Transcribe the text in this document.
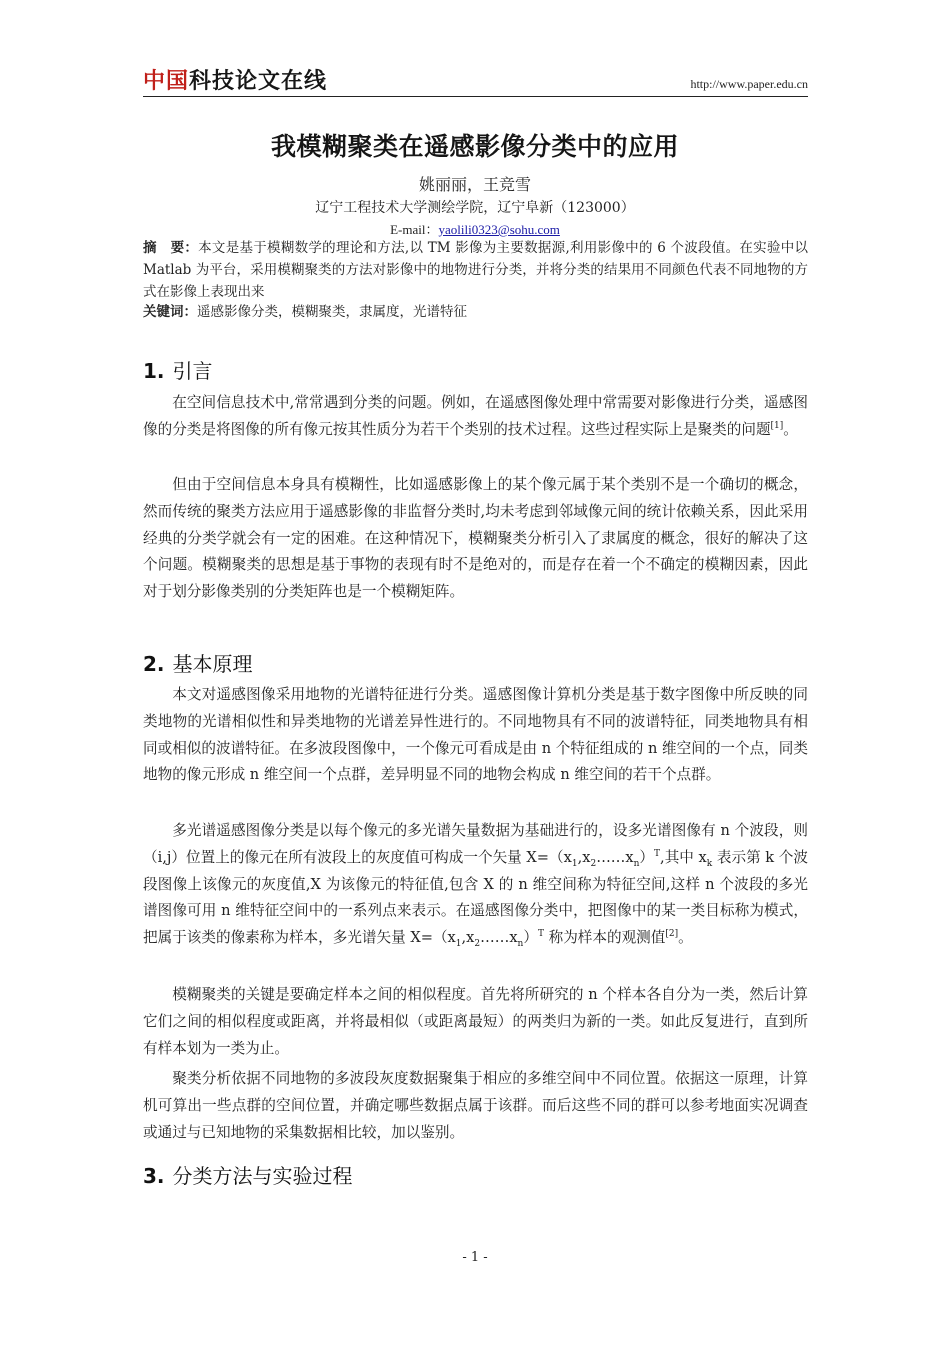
中国科技论文在线	http://www.paper.edu.cn
我模糊聚类在遥感影像分类中的应用
姚丽丽，王竞雪
辽宁工程技术大学测绘学院，辽宁阜新（123000）
E-mail：yaolili0323@sohu.com
摘　要：本文是基于模糊数学的理论和方法,以 TM 影像为主要数据源,利用影像中的 6 个波段值。在实验中以 Matlab 为平台，采用模糊聚类的方法对影像中的地物进行分类，并将分类的结果用不同颜色代表不同地物的方式在影像上表现出来
关键词：遥感影像分类，模糊聚类，隶属度，光谱特征
1. 引言
在空间信息技术中,常常遇到分类的问题。例如，在遥感图像处理中常需要对影像进行分类，遥感图像的分类是将图像的所有像元按其性质分为若干个类别的技术过程。这些过程实际上是聚类的问题[1]。
但由于空间信息本身具有模糊性，比如遥感影像上的某个像元属于某个类别不是一个确切的概念，然而传统的聚类方法应用于遥感影像的非监督分类时,均未考虑到邻域像元间的统计依赖关系，因此采用经典的分类学就会有一定的困难。在这种情况下，模糊聚类分析引入了隶属度的概念，很好的解决了这个问题。模糊聚类的思想是基于事物的表现有时不是绝对的，而是存在着一个不确定的模糊因素，因此对于划分影像类别的分类矩阵也是一个模糊矩阵。
2. 基本原理
本文对遥感图像采用地物的光谱特征进行分类。遥感图像计算机分类是基于数字图像中所反映的同类地物的光谱相似性和异类地物的光谱差异性进行的。不同地物具有不同的波谱特征，同类地物具有相同或相似的波谱特征。在多波段图像中，一个像元可看成是由 n 个特征组成的 n 维空间的一个点，同类地物的像元形成 n 维空间一个点群，差异明显不同的地物会构成 n 维空间的若干个点群。
多光谱遥感图像分类是以每个像元的多光谱矢量数据为基础进行的，设多光谱图像有 n 个波段，则（i,j）位置上的像元在所有波段上的灰度值可构成一个矢量 $X=(x_1,x_2\dots\dots x_n)^T$,其中 $x_k$ 表示第 k 个波段图像上该像元的灰度值,X 为该像元的特征值,包含 X 的 n 维空间称为特征空间,这样 n 个波段的多光谱图像可用 n 维特征空间中的一系列点来表示。在遥感图像分类中，把图像中的某一类目标称为模式，把属于该类的像素称为样本，多光谱矢量 $X=(x_1,x_2\dots\dots x_n)^T$ 称为样本的观测值[2]。
模糊聚类的关键是要确定样本之间的相似程度。首先将所研究的 n 个样本各自分为一类，然后计算它们之间的相似程度或距离，并将最相似（或距离最短）的两类归为新的一类。如此反复进行，直到所有样本划为一类为止。
聚类分析依据不同地物的多波段灰度数据聚集于相应的多维空间中不同位置。依据这一原理，计算机可算出一些点群的空间位置，并确定哪些数据点属于该群。而后这些不同的群可以参考地面实况调查或通过与已知地物的采集数据相比较，加以鉴别。
3. 分类方法与实验过程
- 1 -
